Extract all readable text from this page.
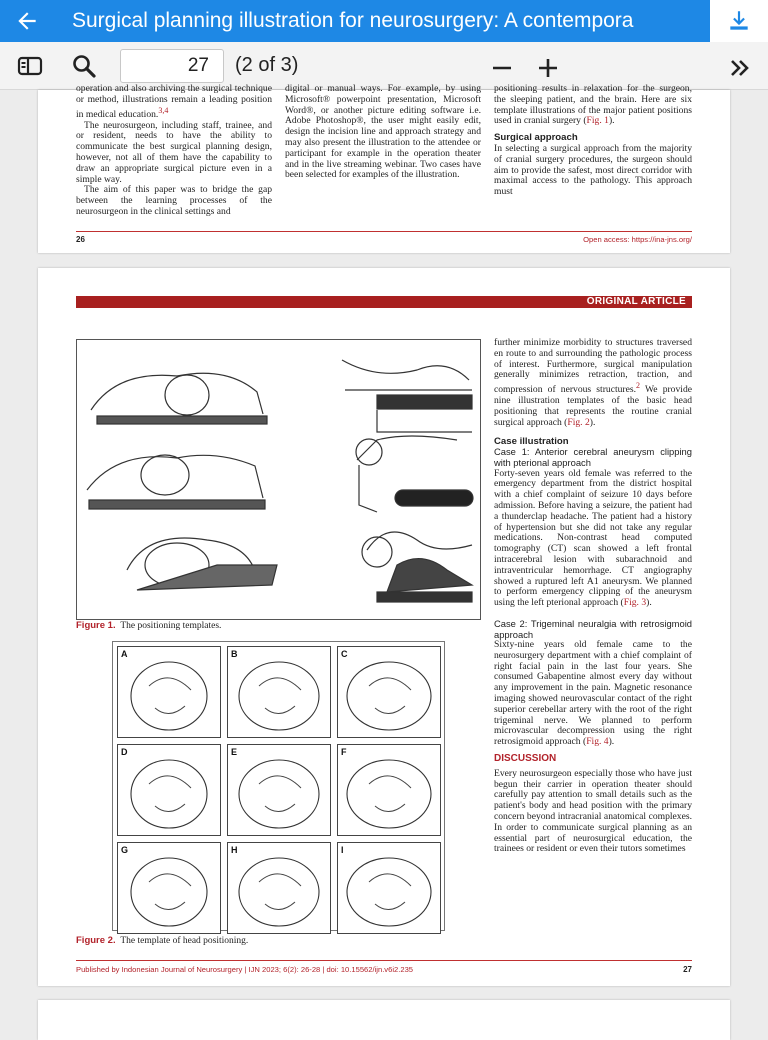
Surgical planning illustration for neurosurgery: A contempora
27	(2 of 3)

operation and also archiving the surgical technique or method, illustrations remain a leading position in medical education.$^{3,4}$

The neurosurgeon, including staff, trainee, and or resident, needs to have the ability to communicate the best surgical planning design, however, not all of them have the capability to draw an appropriate surgical picture even in a simple way.

The aim of this paper was to bridge the gap between the learning processes of the neurosurgeon in the clinical settings and

digital or manual ways. For example, by using Microsoft® powerpoint presentation, Microsoft Word®, or another picture editing software i.e. Adobe Photoshop®, the user might easily edit, design the incision line and approach strategy and may also present the illustration to the attendee or participant for example in the operation theater and in the live streaming webinar. Two cases have been selected for examples of the illustration.

positioning results in relaxation for the surgeon, the sleeping patient, and the brain. Here are six template illustrations of the major patient positions used in cranial surgery (Fig. 1).

Surgical approach

In selecting a surgical approach from the majority of cranial surgery procedures, the surgeon should aim to provide the safest, most direct corridor with maximal access to the pathology. This approach must

26	Open access: https://ina-jns.org/
ORIGINAL ARTICLE
Figure 1. The positioning templates.
A	B	C
D	E	F
G	H	I
Figure 2. The template of head positioning.

further minimize morbidity to structures traversed en route to and surrounding the pathologic process of interest. Furthermore, surgical manipulation generally minimizes retraction, traction, and compression of nervous structures.$^2$ We provide nine illustration templates of the basic head positioning that represents the routine cranial surgical approach (Fig. 2).

Case illustration
Case 1: Anterior cerebral aneurysm clipping with pterional approach

Forty-seven years old female was referred to the emergency department from the district hospital with a chief complaint of seizure 10 days before admission. Before having a seizure, the patient had a thunderclap headache. The patient had a history of hypertension but she did not take any regular medications. Non-contrast head computed tomography (CT) scan showed a left frontal intracerebral lesion with subarachnoid and intraventricular hemorrhage. CT angiography showed a ruptured left A1 aneurysm. We planned to perform emergency clipping of the aneurysm using the left pterional approach (Fig. 3).

Case 2: Trigeminal neuralgia with retrosigmoid approach

Sixty-nine years old female came to the neurosurgery department with a chief complaint of right facial pain in the last four years. She consumed Gabapentine almost every day without any improvement in the pain. Magnetic resonance imaging showed neurovascular contact of the right superior cerebellar artery with the root of the right trigeminal nerve. We planned to perform microvascular decompression using the right retrosigmoid approach (Fig. 4).

DISCUSSION

Every neurosurgeon especially those who have just begun their carrier in operation theater should carefully pay attention to small details such as the patient's body and head position with the primary concern beyond intracranial anatomical complexes. In order to communicate surgical planning as an essential part of neurosurgical education, the trainees or resident or even their tutors sometimes

Published by Indonesian Journal of Neurosurgery | IJN 2023; 6(2): 26-28 | doi: 10.15562/ijn.v6i2.235	27
